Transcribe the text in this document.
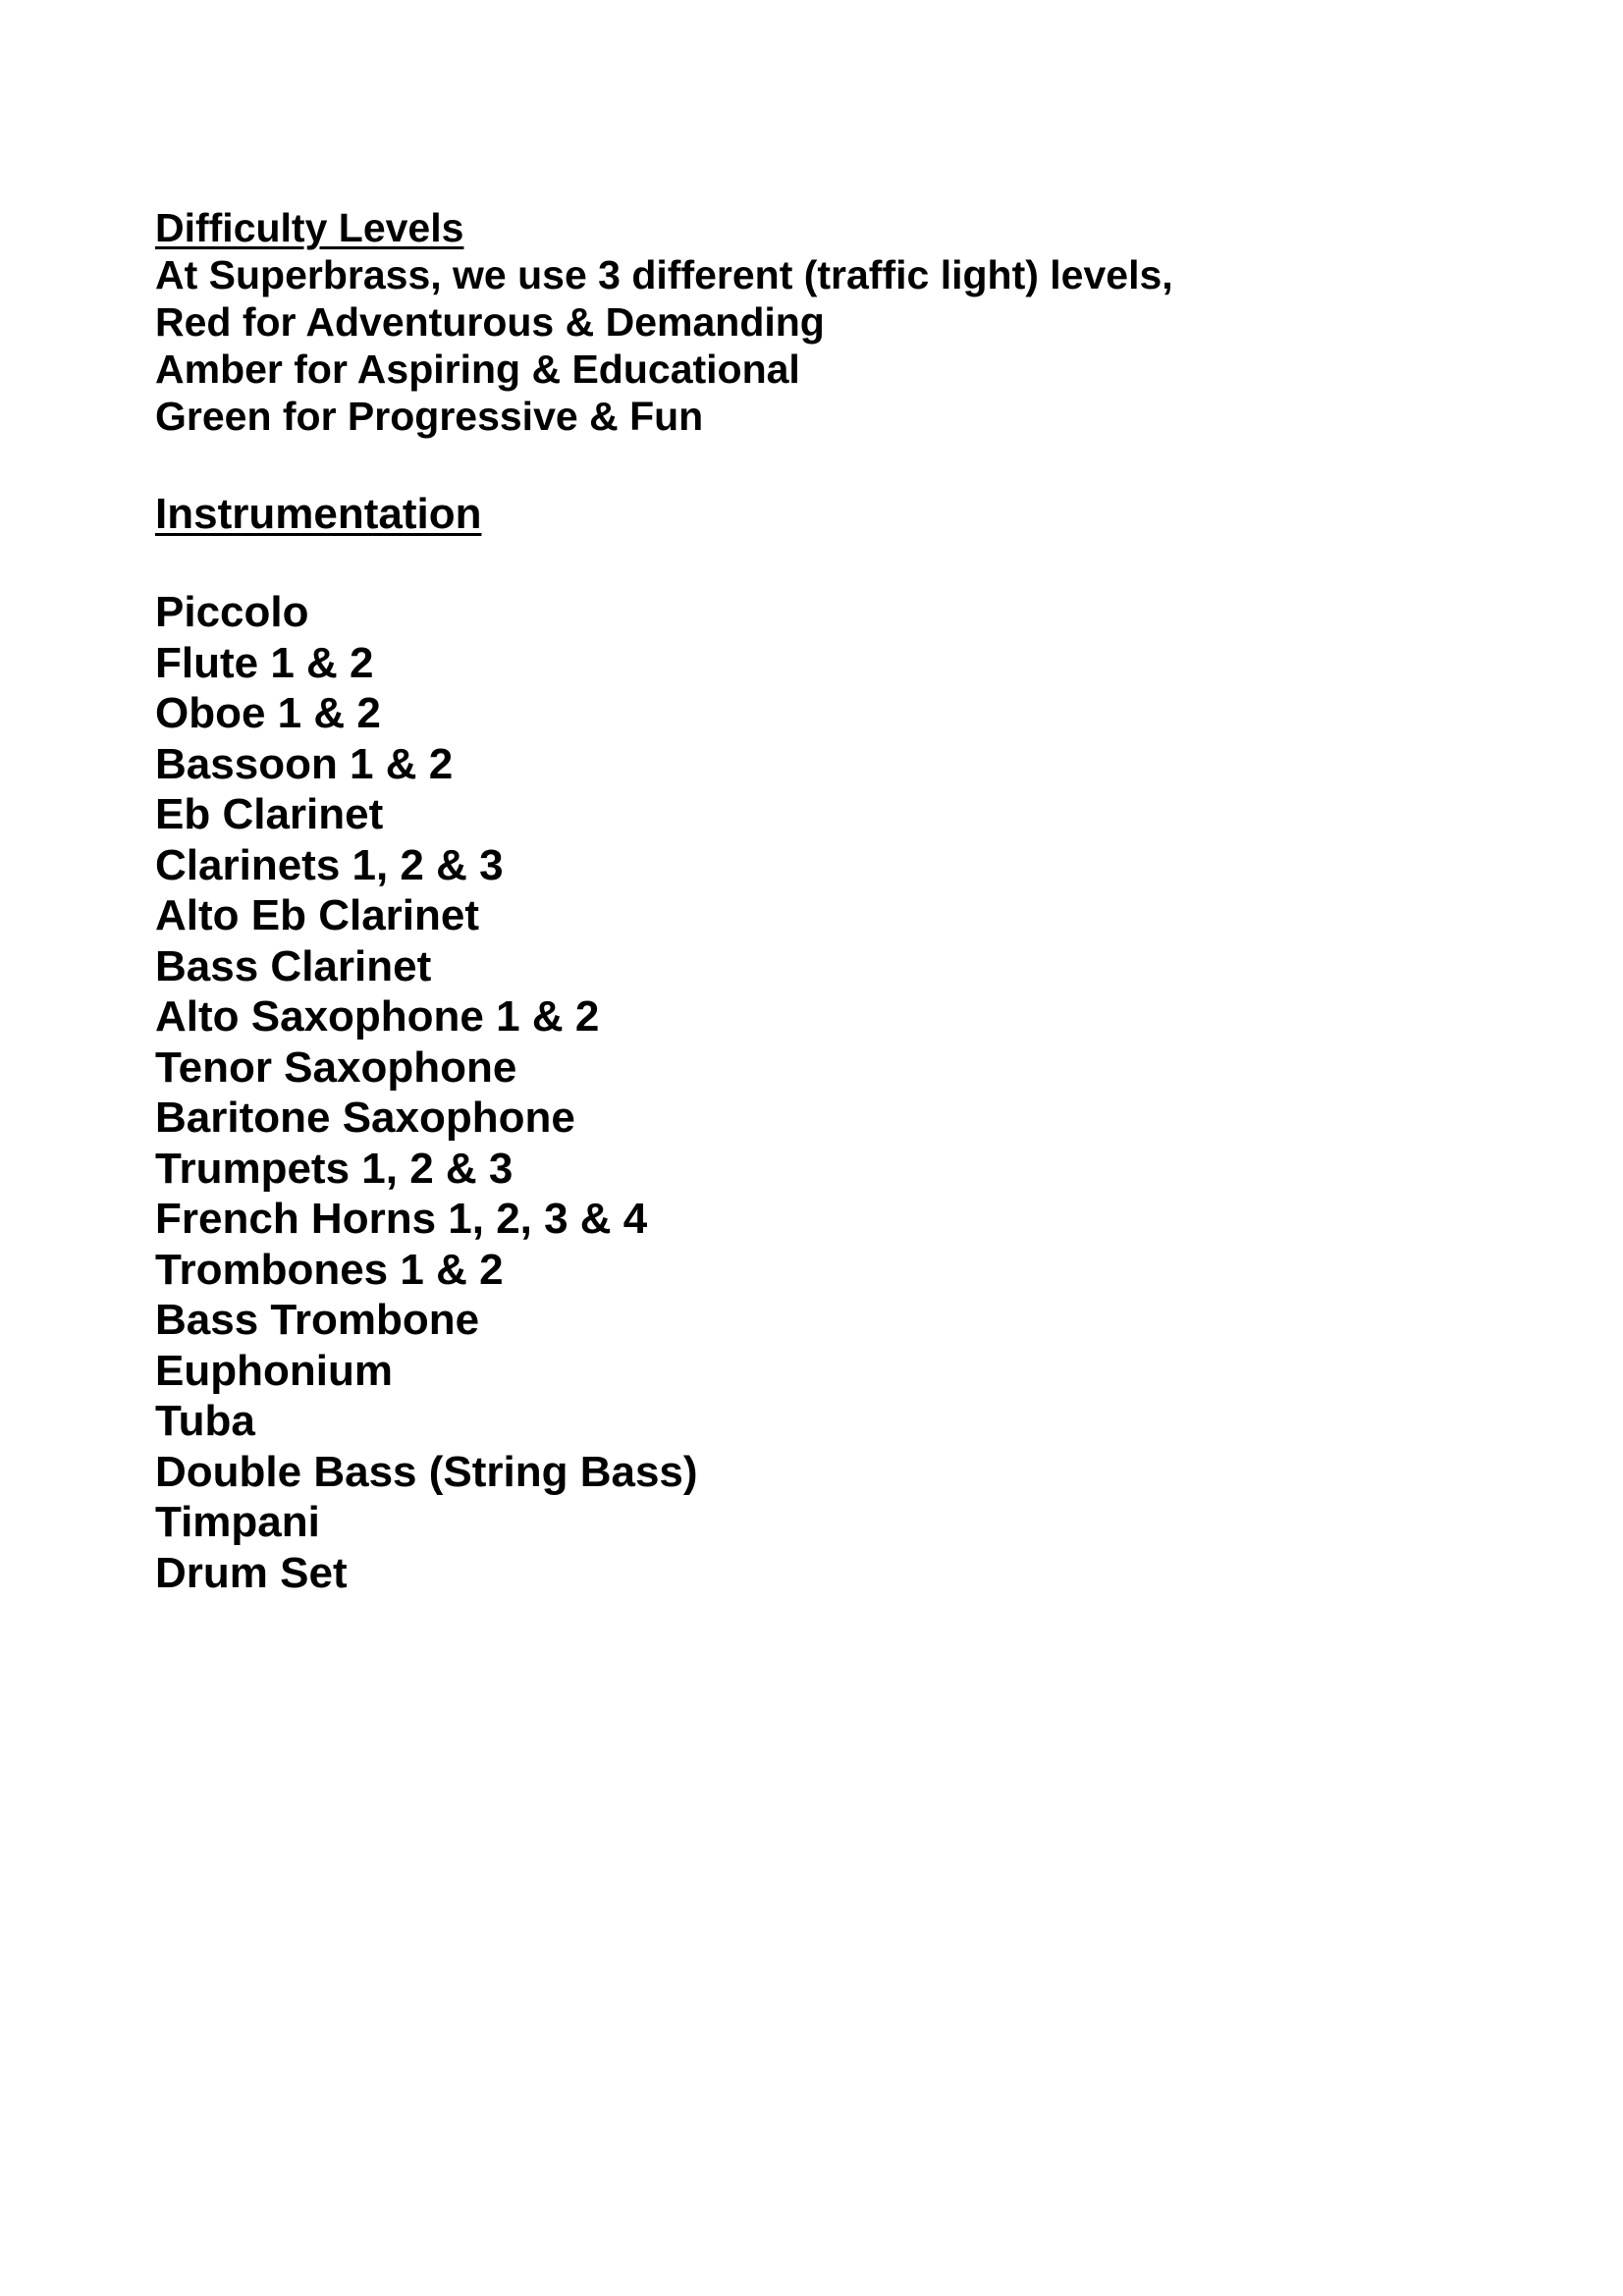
Difficulty Levels

At Superbrass, we use 3 different (traffic light) levels,

Red for Adventurous & Demanding

Amber for Aspiring & Educational

Green for Progressive & Fun

Instrumentation

Piccolo
Flute 1 & 2
Oboe 1 & 2
Bassoon 1 & 2
Eb Clarinet
Clarinets 1, 2 & 3
Alto Eb Clarinet
Bass Clarinet
Alto Saxophone 1 & 2
Tenor Saxophone
Baritone Saxophone
Trumpets 1, 2 & 3
French Horns 1, 2, 3 & 4
Trombones 1 & 2
Bass Trombone
Euphonium
Tuba
Double Bass (String Bass)
Timpani
Drum Set
